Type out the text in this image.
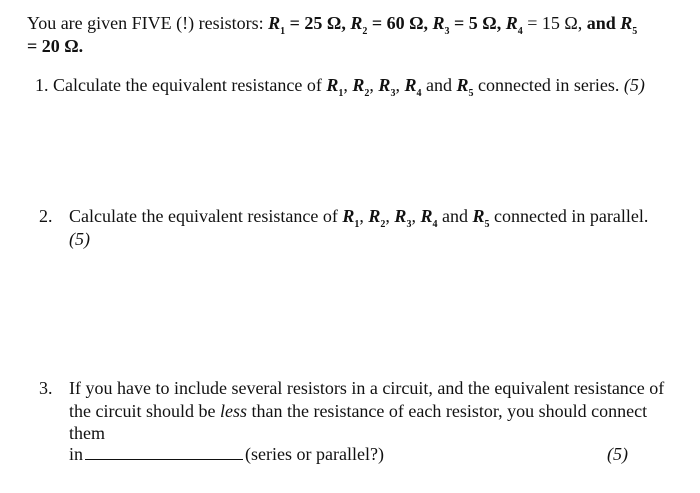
You are given FIVE (!) resistors: $R_1 = 25$ Ω, $R_2 = 60$ Ω, $R_3 = 5$ Ω, $R_4 = 15$ Ω, and $R_5$
= 20 Ω.
1. Calculate the equivalent resistance of $R_1$, $R_2$, $R_3$, $R_4$ and $R_5$ connected in series. (5)
2. Calculate the equivalent resistance of $R_1$, $R_2$, $R_3$, $R_4$ and $R_5$ connected in parallel.
(5)
3. If you have to include several resistors in a circuit, and the equivalent resistance of
the circuit should be less than the resistance of each resistor, you should connect
them
in	(series or parallel?)	(5)
